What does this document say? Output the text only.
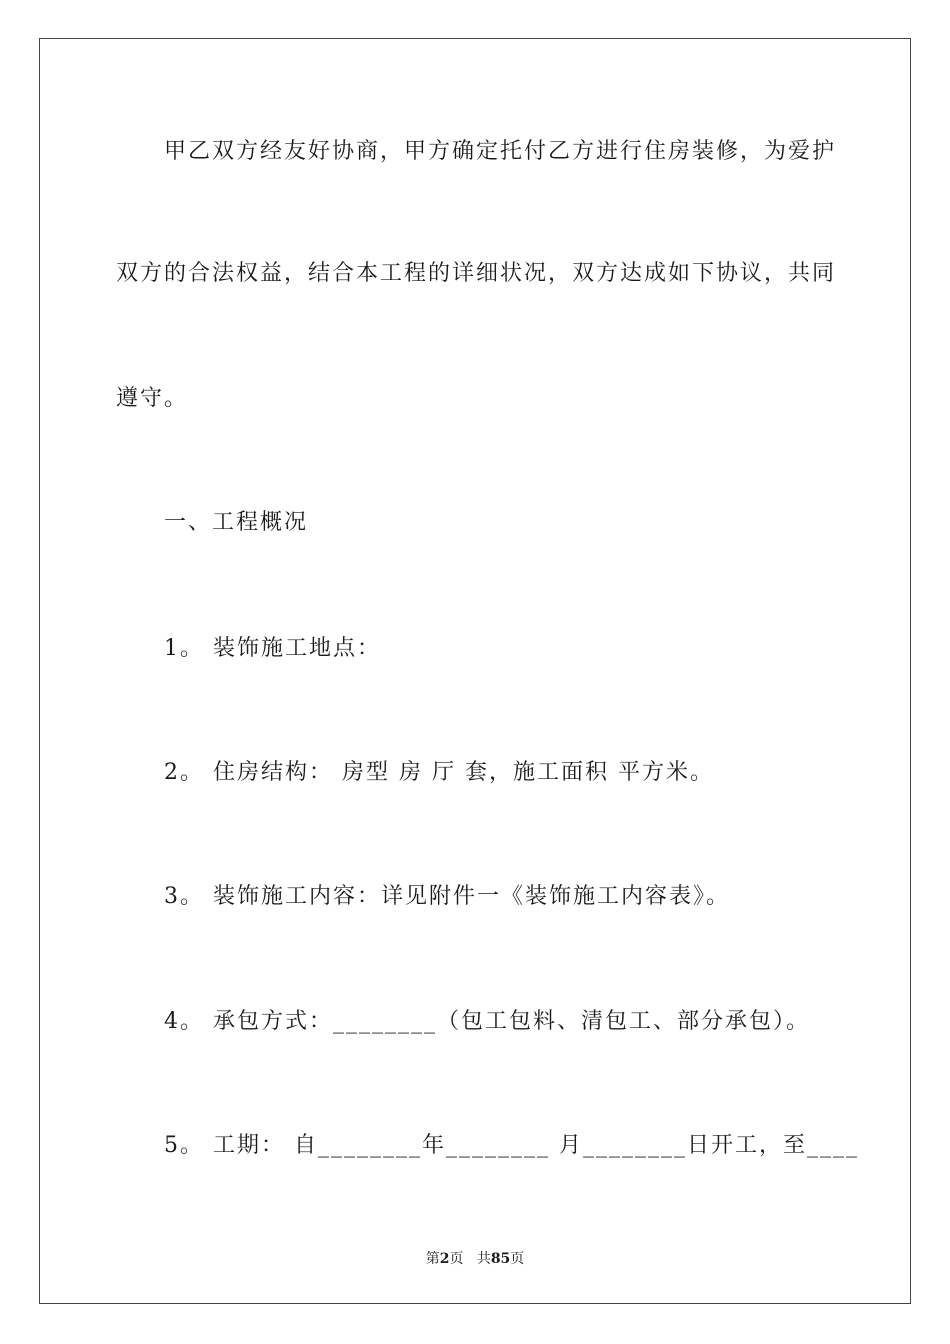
甲乙双方经友好协商，甲方确定托付乙方进行住房装修，为爱护
双方的合法权益，结合本工程的详细状况，双方达成如下协议，共同
遵守。
一、工程概况
1。 装饰施工地点：
2。 住房结构： 房型 房 厅 套，施工面积 平方米。
3。 装饰施工内容：详见附件一《装饰施工内容表》。
4。 承包方式：________（包工包料、清包工、部分承包）。
5。 工期： 自________年________ 月________日开工，至____
第2页 共85页
